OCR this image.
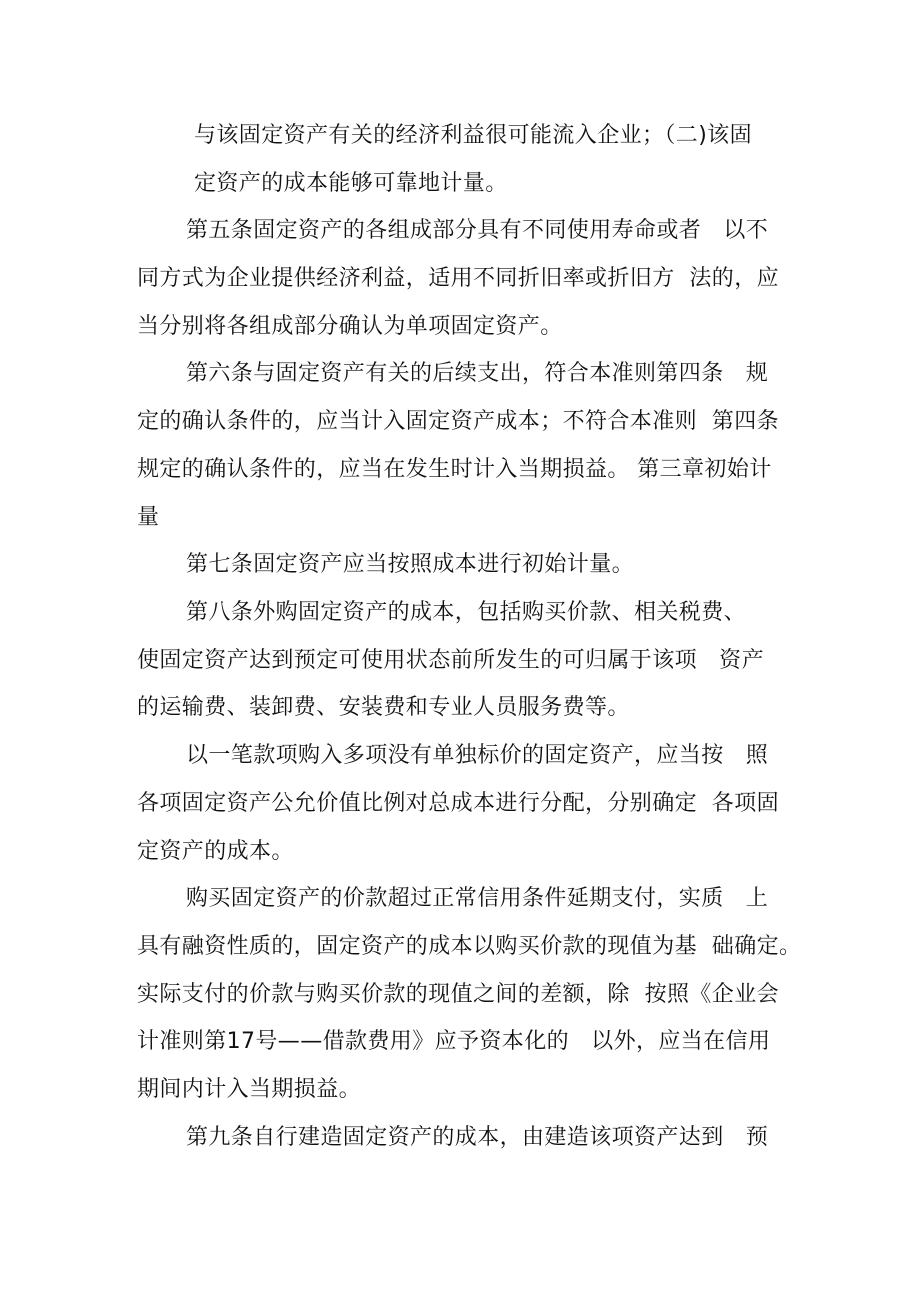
与该固定资产有关的经济利益很可能流入企业；（二)该固
定资产的成本能够可靠地计量。
第五条固定资产的各组成部分具有不同使用寿命或者   以不
同方式为企业提供经济利益，适用不同折旧率或折旧方  法的，应
当分别将各组成部分确认为单项固定资产。
第六条与固定资产有关的后续支出，符合本准则第四条   规
定的确认条件的，应当计入固定资产成本；不符合本准则  第四条
规定的确认条件的，应当在发生时计入当期损益。 第三章初始计
量
第七条固定资产应当按照成本进行初始计量。
第八条外购固定资产的成本，包括购买价款、相关税费、
使固定资产达到预定可使用状态前所发生的可归属于该项   资产
的运输费、装卸费、安装费和专业人员服务费等。
以一笔款项购入多项没有单独标价的固定资产，应当按   照
各项固定资产公允价值比例对总成本进行分配，分别确定  各项固
定资产的成本。
购买固定资产的价款超过正常信用条件延期支付，实质   上
具有融资性质的，固定资产的成本以购买价款的现值为基  础确定。
实际支付的价款与购买价款的现值之间的差额，除  按照《企业会
计准则第17号——借款费用》应予资本化的   以外，应当在信用
期间内计入当期损益。
第九条自行建造固定资产的成本，由建造该项资产达到   预
